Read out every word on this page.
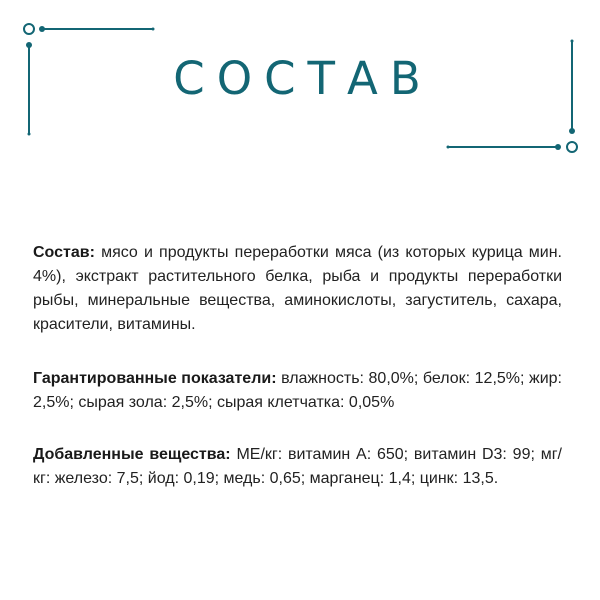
СОСТАВ

Состав: мясо и продукты переработки мяса (из которых курица мин. 4%), экстракт растительного белка, рыба и продукты переработки рыбы, минеральные вещества, аминокислоты, загуститель, сахара, красители, витамины.

Гарантированные показатели: влажность: 80,0%; белок: 12,5%; жир: 2,5%; сырая зола: 2,5%; сырая клетчатка: 0,05%

Добавленные вещества: МЕ/кг: витамин А: 650; витамин D3: 99; мг/кг: железо: 7,5; йод: 0,19; медь: 0,65; марганец: 1,4; цинк: 13,5.
